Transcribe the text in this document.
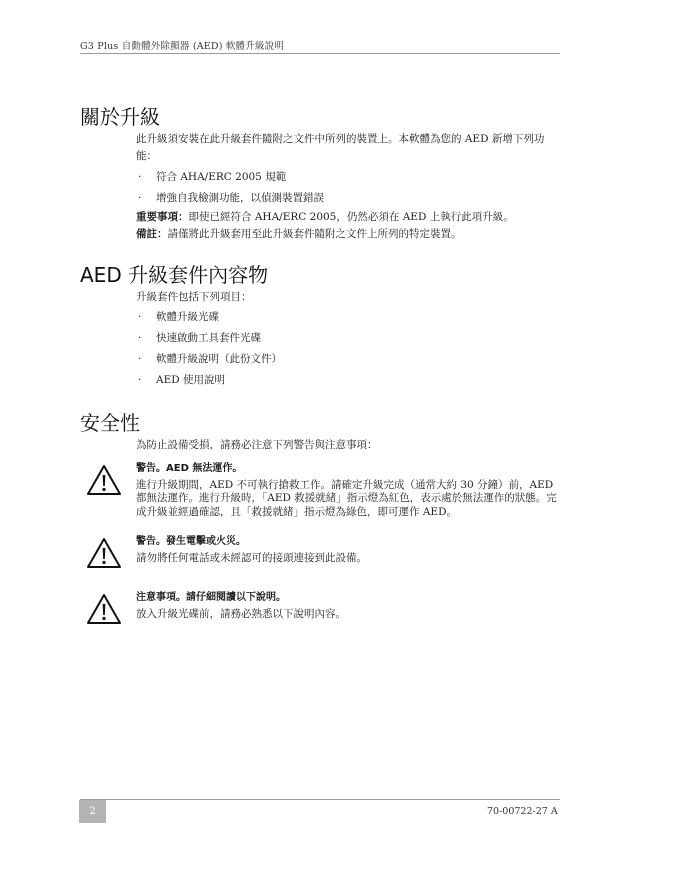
G3 Plus 自動體外除顫器 (AED) 軟體升級說明
關於升級

此升級須安裝在此升級套件隨附之文件中所列的裝置上。本軟體為您的 AED 新增下列功能：

· 符合 AHA/ERC 2005 規範
· 增強自我檢測功能，以偵測裝置錯誤

重要事項：即使已經符合 AHA/ERC 2005，仍然必須在 AED 上執行此項升級。

備註：請僅將此升級套用至此升級套件隨附之文件上所列的特定裝置。

AED 升級套件內容物

升級套件包括下列項目：

· 軟體升級光碟
· 快速啟動工具套件光碟
· 軟體升級說明（此份文件）
· AED 使用說明
安全性
為防止設備受損，請務必注意下列警告與注意事項：
警告。AED 無法運作。
進行升級期間，AED 不可執行搶救工作。請確定升級完成（通常大約 30 分鐘）前，AED 都無法運作。進行升級時，「AED 救援就緒」指示燈為紅色，表示處於無法運作的狀態。完成升級並經過確認，且「救援就緒」指示燈為綠色，即可運作 AED。
警告。發生電擊或火災。
請勿將任何電話或未經認可的接頭連接到此設備。
注意事項。請仔細閱讀以下說明。
放入升級光碟前，請務必熟悉以下說明內容。
2	70-00722-27 A
